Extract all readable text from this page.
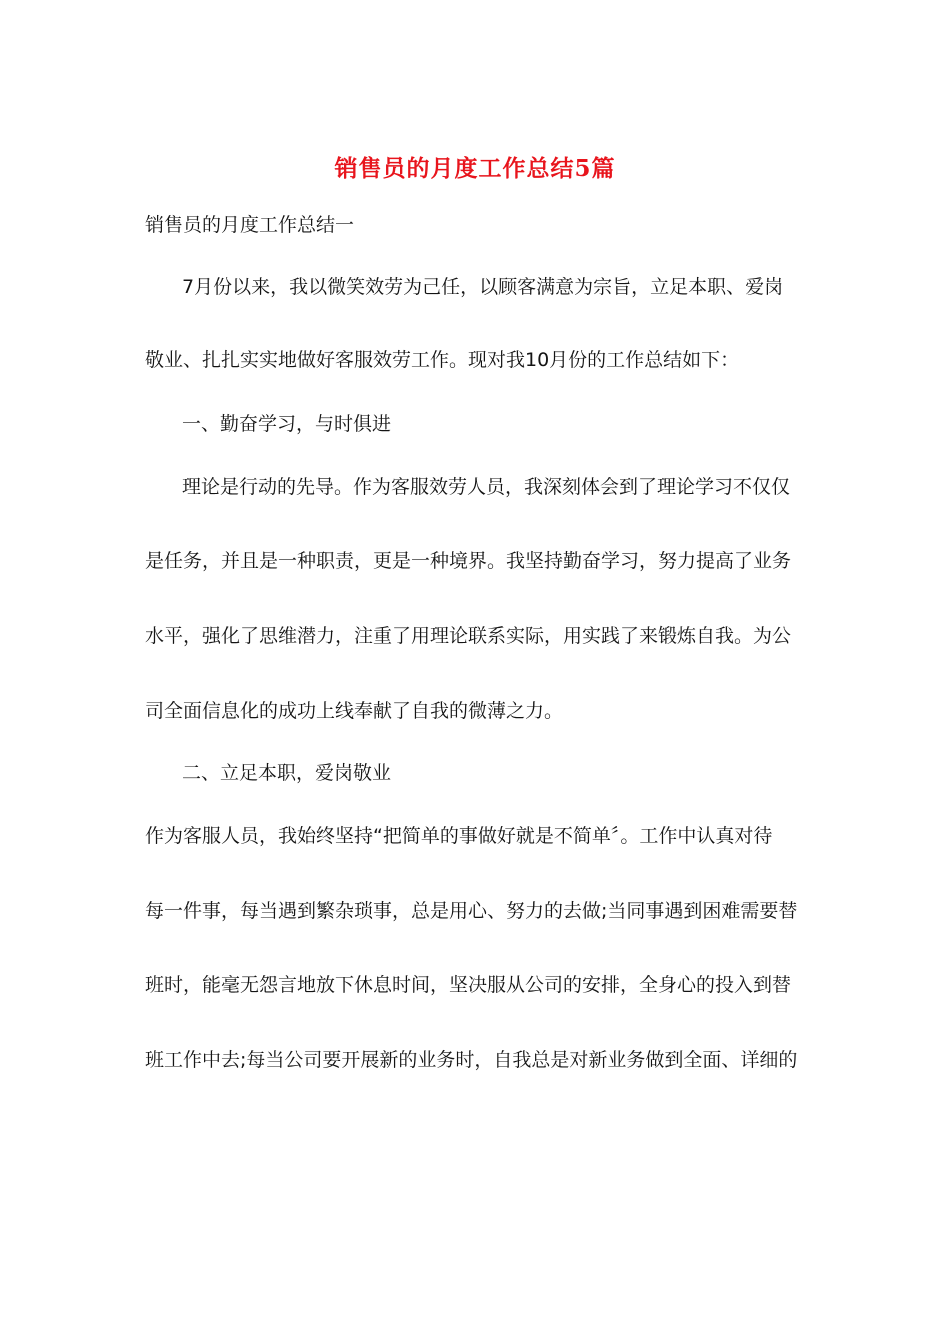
销售员的月度工作总结5篇
销售员的月度工作总结一
7月份以来，我以微笑效劳为己任，以顾客满意为宗旨，立足本职、爱岗
敬业、扎扎实实地做好客服效劳工作。现对我10月份的工作总结如下：
一、勤奋学习，与时俱进
理论是行动的先导。作为客服效劳人员，我深刻体会到了理论学习不仅仅
是任务，并且是一种职责，更是一种境界。我坚持勤奋学习，努力提高了业务
水平，强化了思维潜力，注重了用理论联系实际，用实践了来锻炼自我。为公
司全面信息化的成功上线奉献了自我的微薄之力。
二、立足本职，爱岗敬业
作为客服人员，我始终坚持“把简单的事做好就是不简单〞。工作中认真对待
每一件事，每当遇到繁杂琐事，总是用心、努力的去做;当同事遇到困难需要替
班时，能毫无怨言地放下休息时间，坚决服从公司的安排，全身心的投入到替
班工作中去;每当公司要开展新的业务时，自我总是对新业务做到全面、详细的
